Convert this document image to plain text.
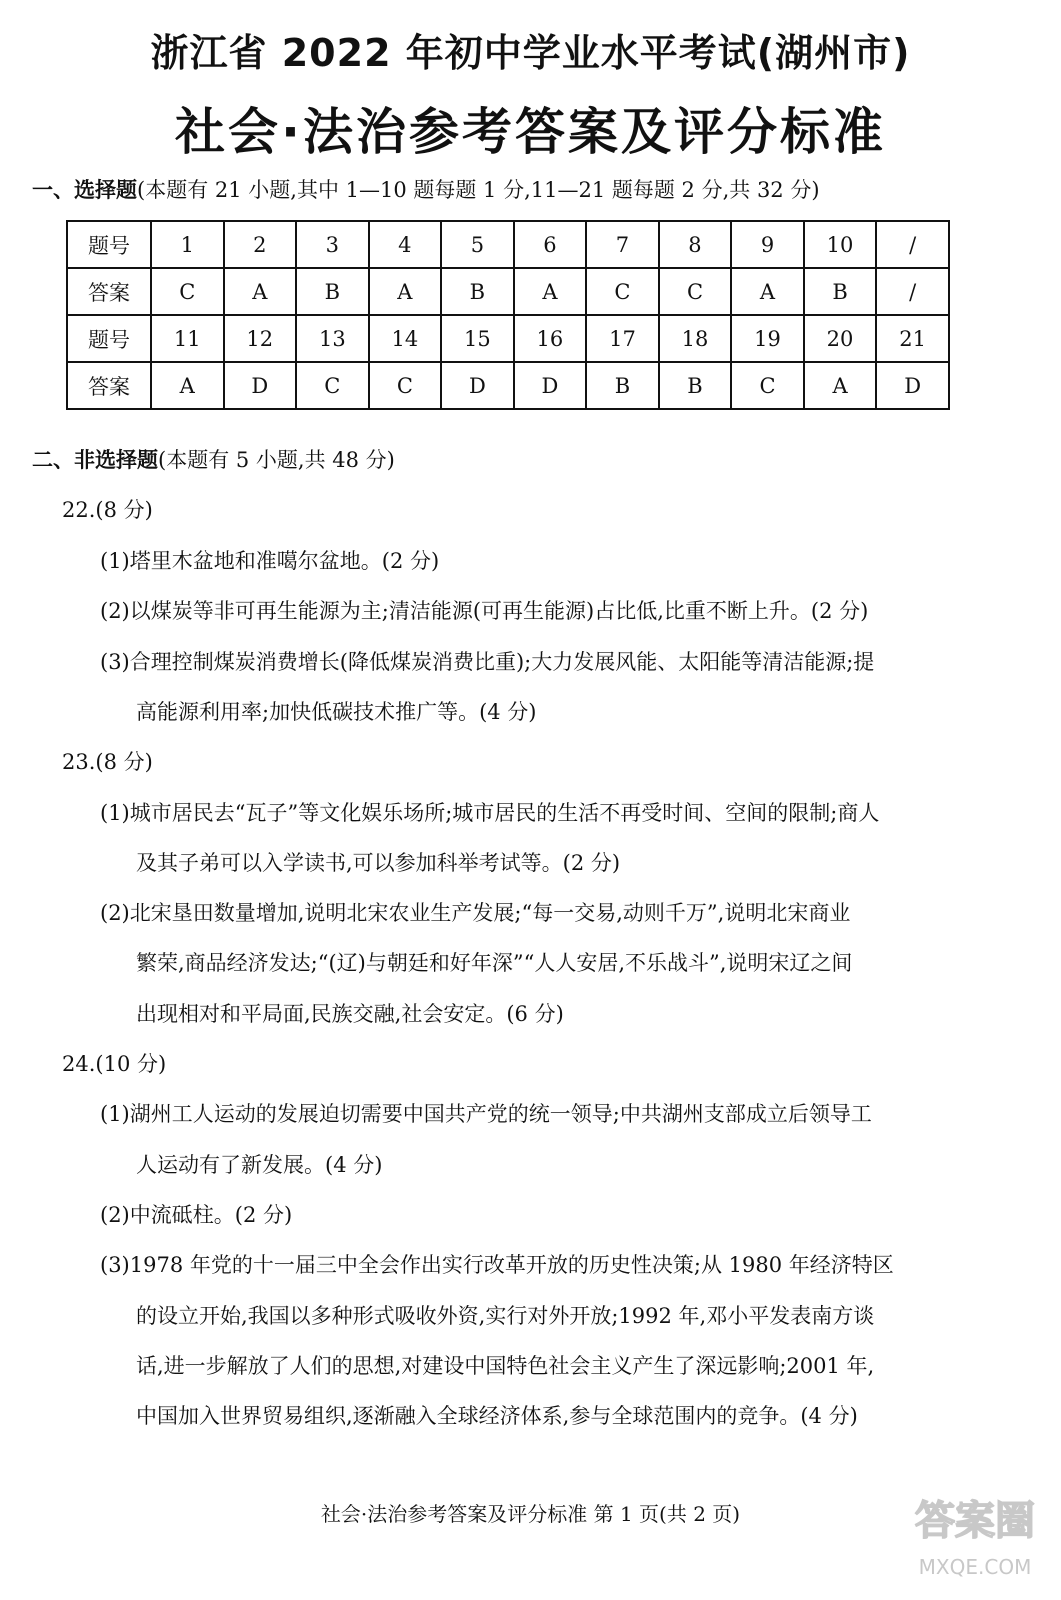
浙江省 2022 年初中学业水平考试(湖州市)
社会·法治参考答案及评分标准
一、选择题(本题有 21 小题,其中 1—10 题每题 1 分,11—21 题每题 2 分,共 32 分)
题号	1	2	3	4	5	6	7	8	9	10	/
答案	C	A	B	A	B	A	C	C	A	B	/
题号	11	12	13	14	15	16	17	18	19	20	21
答案	A	D	C	C	D	D	B	B	C	A	D
二、非选择题(本题有 5 小题,共 48 分)
22.(8 分)
(1)塔里木盆地和准噶尔盆地。(2 分)
(2)以煤炭等非可再生能源为主;清洁能源(可再生能源)占比低,比重不断上升。(2 分)
(3)合理控制煤炭消费增长(降低煤炭消费比重);大力发展风能、太阳能等清洁能源;提
高能源利用率;加快低碳技术推广等。(4 分)
23.(8 分)
(1)城市居民去“瓦子”等文化娱乐场所;城市居民的生活不再受时间、空间的限制;商人
及其子弟可以入学读书,可以参加科举考试等。(2 分)
(2)北宋垦田数量增加,说明北宋农业生产发展;“每一交易,动则千万”,说明北宋商业
繁荣,商品经济发达;“(辽)与朝廷和好年深”“人人安居,不乐战斗”,说明宋辽之间
出现相对和平局面,民族交融,社会安定。(6 分)
24.(10 分)
(1)湖州工人运动的发展迫切需要中国共产党的统一领导;中共湖州支部成立后领导工
人运动有了新发展。(4 分)
(2)中流砥柱。(2 分)
(3)1978 年党的十一届三中全会作出实行改革开放的历史性决策;从 1980 年经济特区
的设立开始,我国以多种形式吸收外资,实行对外开放;1992 年,邓小平发表南方谈
话,进一步解放了人们的思想,对建设中国特色社会主义产生了深远影响;2001 年,
中国加入世界贸易组织,逐渐融入全球经济体系,参与全球范围内的竞争。(4 分)
社会·法治参考答案及评分标准 第 1 页(共 2 页)	答案圈
MXQE.COM
